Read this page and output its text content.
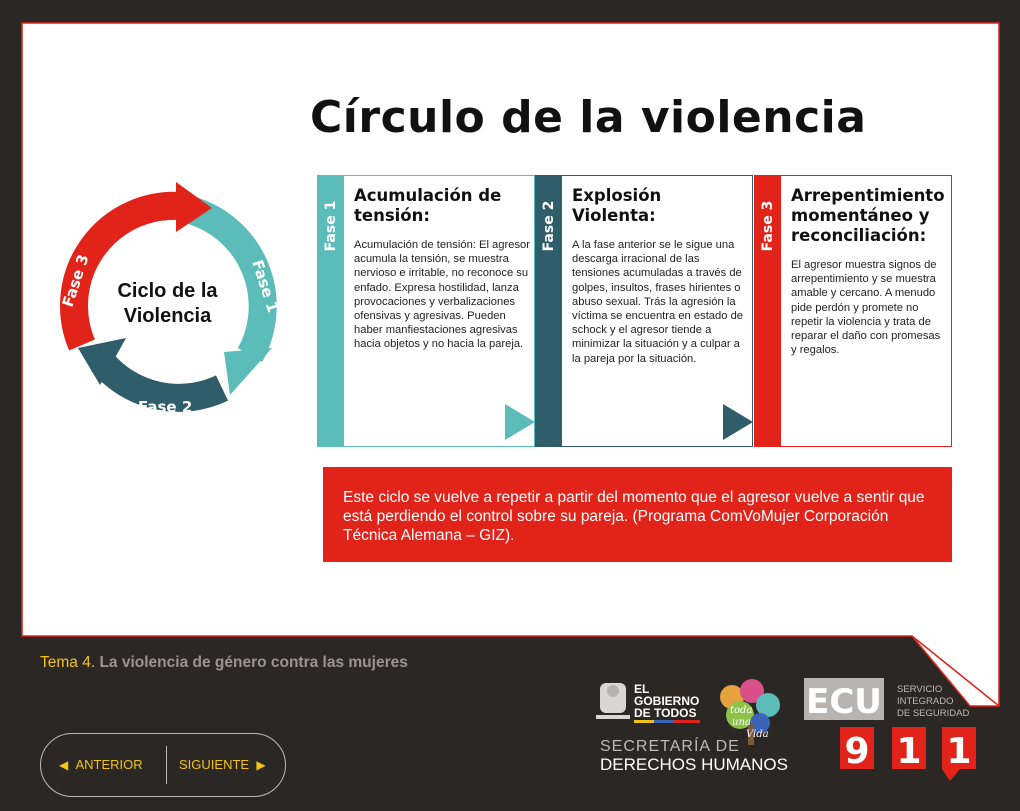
Círculo de la violencia
Fase 1
Fase 2
Fase 3	Ciclo de la
Violencia
Fase 1
Acumulación de
tensión:

Acumulación de tensión: El agresor acumula la tensión, se muestra nervioso e irritable, no reconoce su enfado. Expresa hostilidad, lanza provocaciones y verbalizaciones ofensivas y agresivas. Pueden haber manfiestaciones agresivas hacia objetos y no hacia la pareja.

Fase 2
Explosión
Violenta:

A la fase anterior se le sigue una descarga irracional de las tensiones acumuladas a través de golpes, insultos, frases hirientes o abuso sexual. Trás la agresión la víctima se encuentra en estado de schock y el agresor tiende a minimizar la situación y a culpar a la pareja por la situación.

Fase 3
Arrepentimiento
momentáneo y
reconciliación:

El agresor muestra signos de arrepentimiento y se muestra amable y cercano. A menudo pide perdón y promete no repetir la violencia y trata de reparar el daño con promesas y regalos.

Este ciclo se vuelve a repetir a partir del momento que el agresor vuelve a sentir que está perdiendo el control sobre su pareja. (Programa ComVoMujer Corporación Técnica Alemana – GIZ).
Tema 4. La violencia de género contra las mujeres
◀
ANTERIOR	SIGUIENTE
▶
EL
GOBIERNO
DE TODOS
SECRETARÍA DE
DERECHOS HUMANOS
toda
una
Vida
ECU
9 1 1
SERVICIO
INTEGRADO
DE SEGURIDAD
